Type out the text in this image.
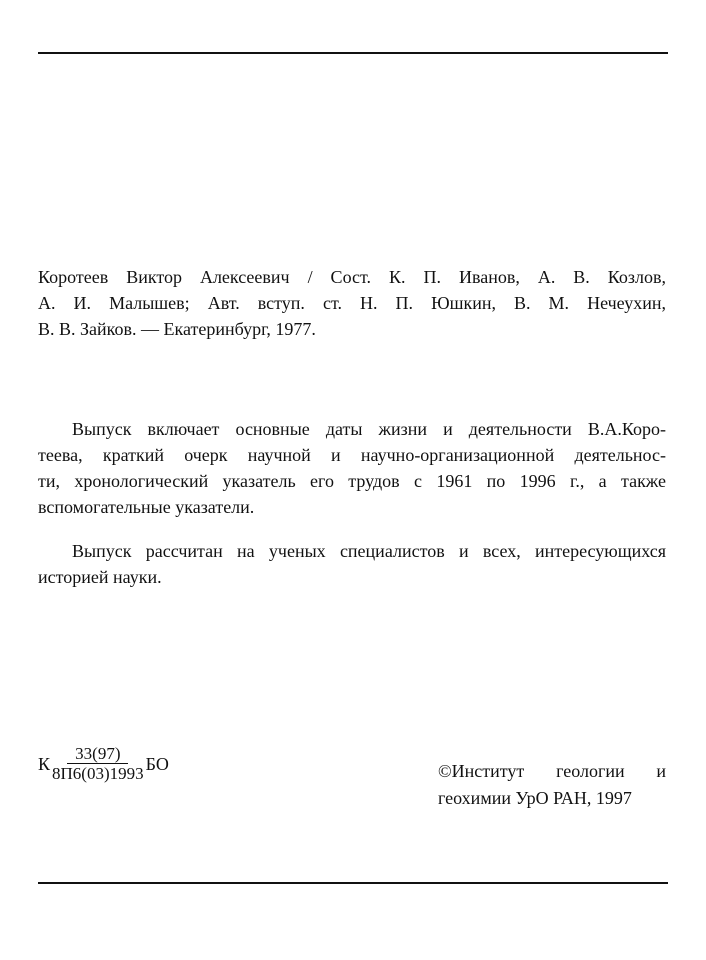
Коротеев Виктор Алексеевич / Сост. К. П. Иванов, А. В. Козлов,
А. И. Малышев; Авт. вступ. ст. Н. П. Юшкин, В. М. Нечеухин,
В. В. Зайков. — Екатеринбург, 1977.
Выпуск включает основные даты жизни и деятельности В.А.Коро-
теева, краткий очерк научной и научно-организационной деятельнос-
ти, хронологический указатель его трудов с 1961 по 1996 г., а также
вспомогательные указатели.
Выпуск рассчитан на ученых специалистов и всех, интересующихся
историей науки.
К $\frac{33(97)}{8П6(03)1993}$ БО	©Институт геологии и
геохимии УрО РАН, 1997
